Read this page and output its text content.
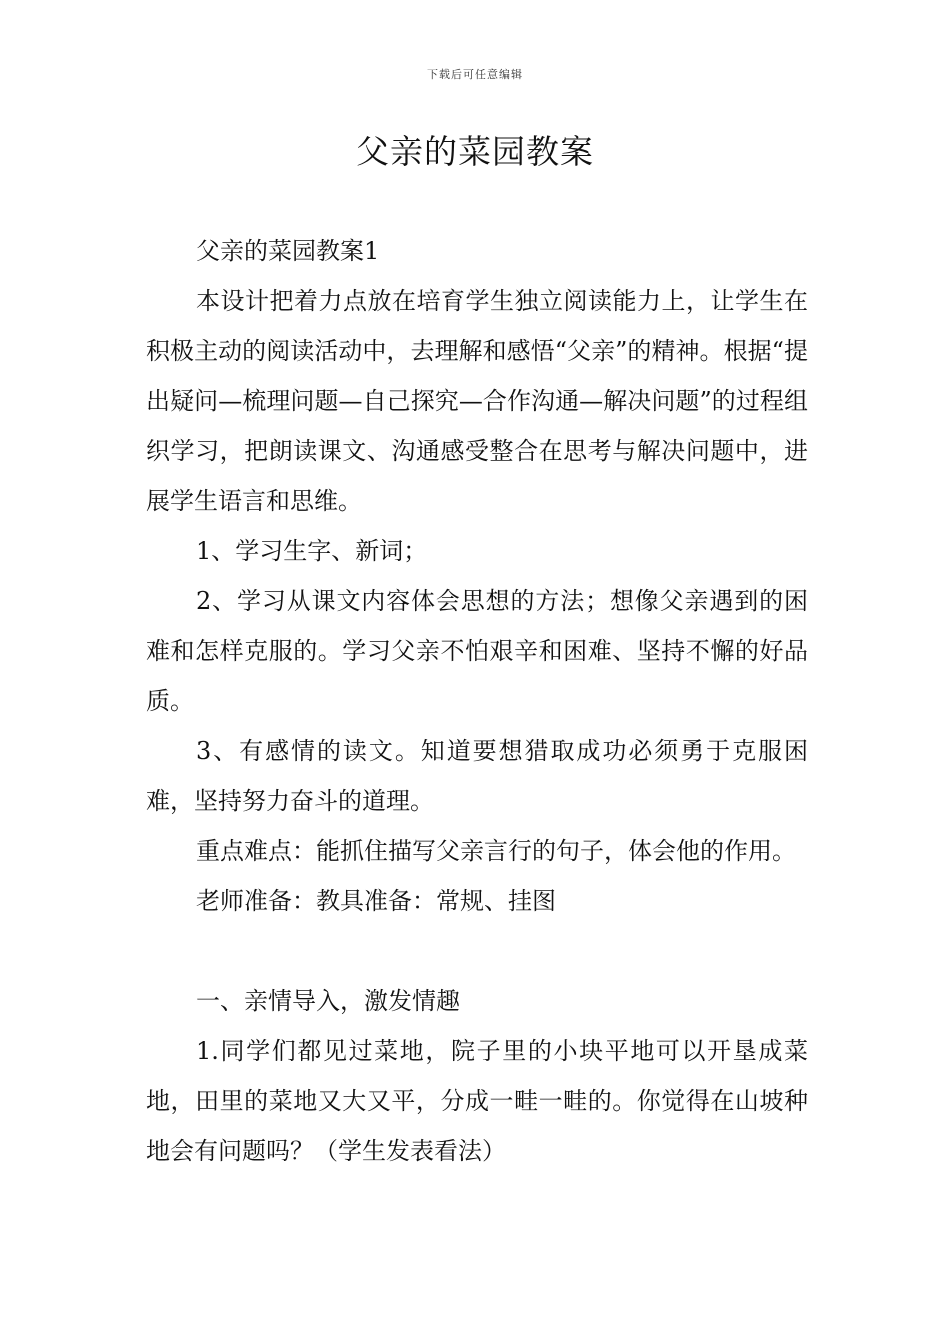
下载后可任意编辑
父亲的菜园教案

父亲的菜园教案1

本设计把着力点放在培育学生独立阅读能力上，让学生在积极主动的阅读活动中，去理解和感悟“父亲”的精神。根据“提出疑问—梳理问题—自己探究—合作沟通—解决问题”的过程组织学习，把朗读课文、沟通感受整合在思考与解决问题中，进展学生语言和思维。

1、学习生字、新词；

2、学习从课文内容体会思想的方法；想像父亲遇到的困难和怎样克服的。学习父亲不怕艰辛和困难、坚持不懈的好品质。

3、有感情的读文。知道要想猎取成功必须勇于克服困难，坚持努力奋斗的道理。

重点难点：能抓住描写父亲言行的句子，体会他的作用。

老师准备：教具准备：常规、挂图

一、亲情导入，激发情趣

1.同学们都见过菜地，院子里的小块平地可以开垦成菜地，田里的菜地又大又平，分成一畦一畦的。你觉得在山坡种地会有问题吗？（学生发表看法）
